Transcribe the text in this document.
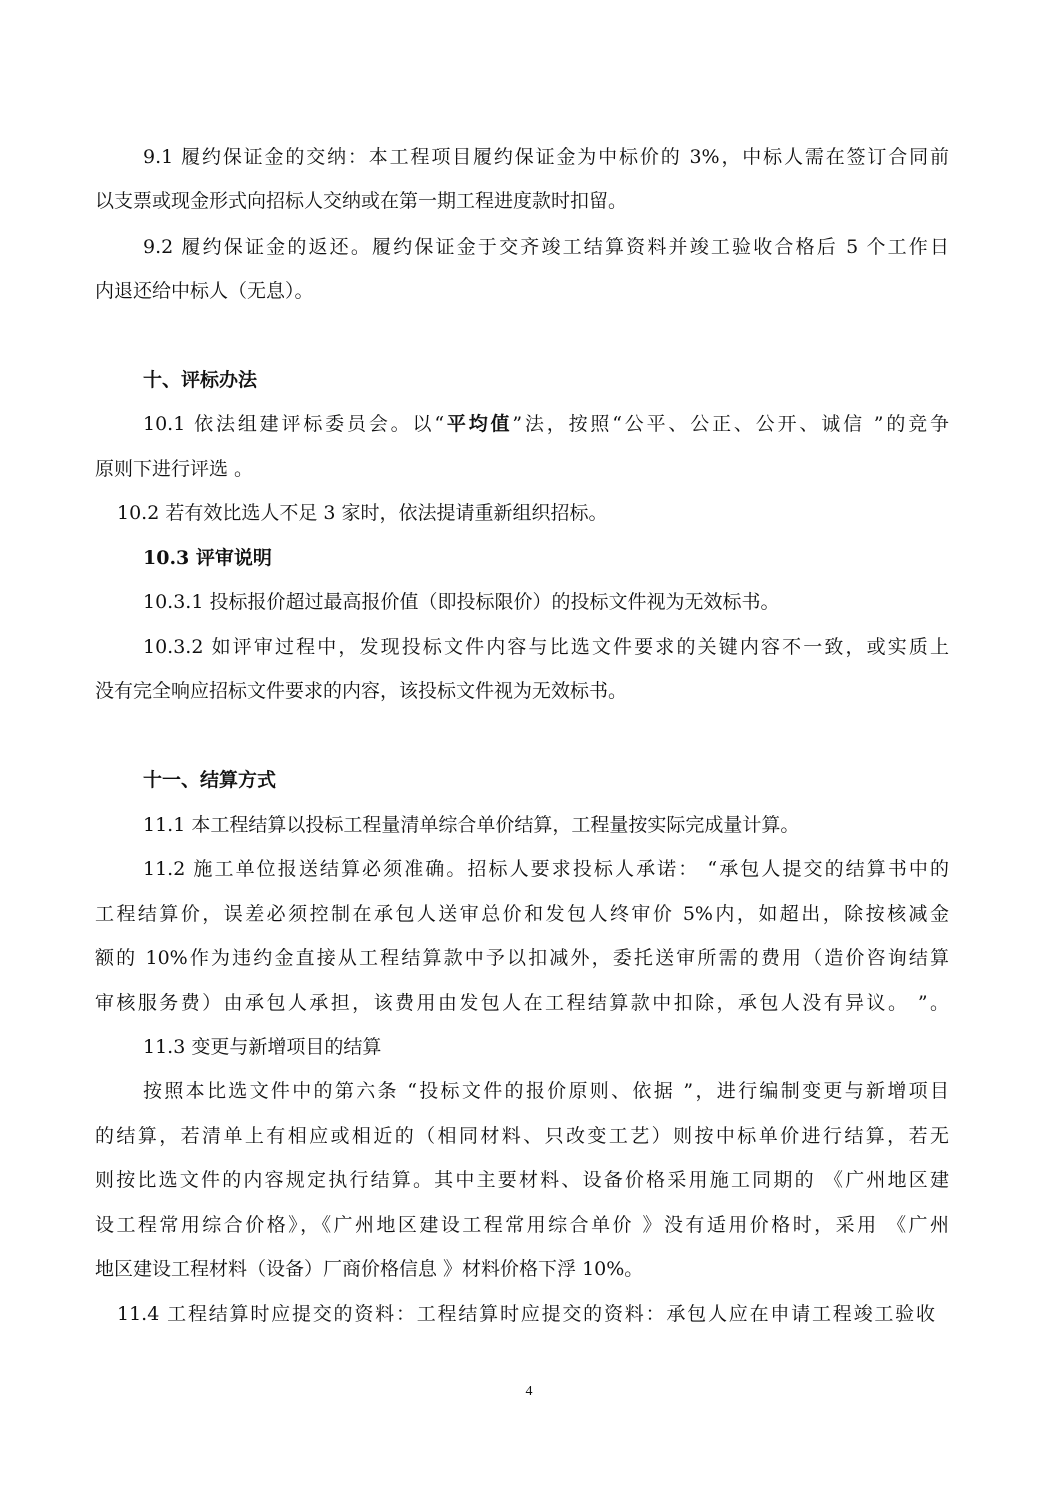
9.1 履约保证金的交纳：本工程项目履约保证金为中标价的 3%，中标人需在签订合同前
以支票或现金形式向招标人交纳或在第一期工程进度款时扣留。
9.2 履约保证金的返还。履约保证金于交齐竣工结算资料并竣工验收合格后 5 个工作日
内退还给中标人（无息）。
十、评标办法
10.1 依法组建评标委员会。以“平均值”法，按照“公平、公正、公开、诚信 ”的竞争
原则下进行评选 。
10.2 若有效比选人不足 3 家时，依法提请重新组织招标。
10.3 评审说明
10.3.1 投标报价超过最高报价值（即投标限价）的投标文件视为无效标书。
10.3.2 如评审过程中，发现投标文件内容与比选文件要求的关键内容不一致，或实质上
没有完全响应招标文件要求的内容，该投标文件视为无效标书。
十一、结算方式
11.1 本工程结算以投标工程量清单综合单价结算，工程量按实际完成量计算。
11.2 施工单位报送结算必须准确。招标人要求投标人承诺： “承包人提交的结算书中的
工程结算价，误差必须控制在承包人送审总价和发包人终审价 5%内，如超出，除按核减金
额的 10%作为违约金直接从工程结算款中予以扣减外，委托送审所需的费用（造价咨询结算
审核服务费）由承包人承担，该费用由发包人在工程结算款中扣除，承包人没有异议。 ”。
11.3 变更与新增项目的结算
按照本比选文件中的第六条 “投标文件的报价原则、依据 ”，进行编制变更与新增项目
的结算，若清单上有相应或相近的（相同材料、只改变工艺）则按中标单价进行结算，若无
则按比选文件的内容规定执行结算。其中主要材料、设备价格采用施工同期的 《广州地区建
设工程常用综合价格》，《广州地区建设工程常用综合单价 》没有适用价格时，采用 《广州
地区建设工程材料（设备）厂商价格信息 》材料价格下浮 10%。
11.4 工程结算时应提交的资料：工程结算时应提交的资料：承包人应在申请工程竣工验收
4
